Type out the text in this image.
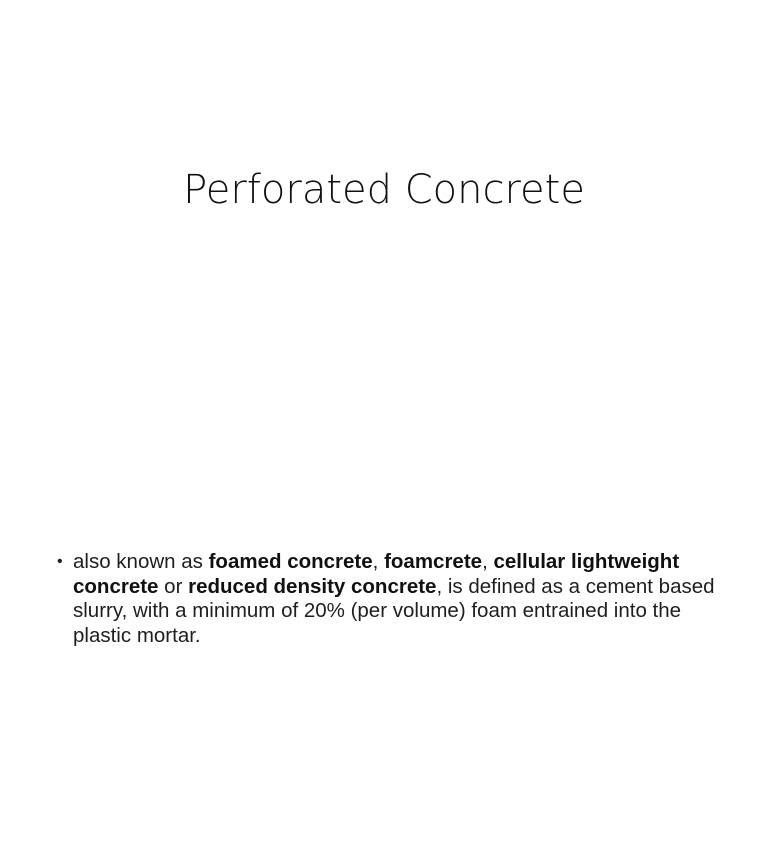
Perforated Concrete
• also known as foamed concrete, foamcrete, cellular lightweight concrete or reduced density concrete, is defined as a cement based slurry, with a minimum of 20% (per volume) foam entrained into the plastic mortar.
